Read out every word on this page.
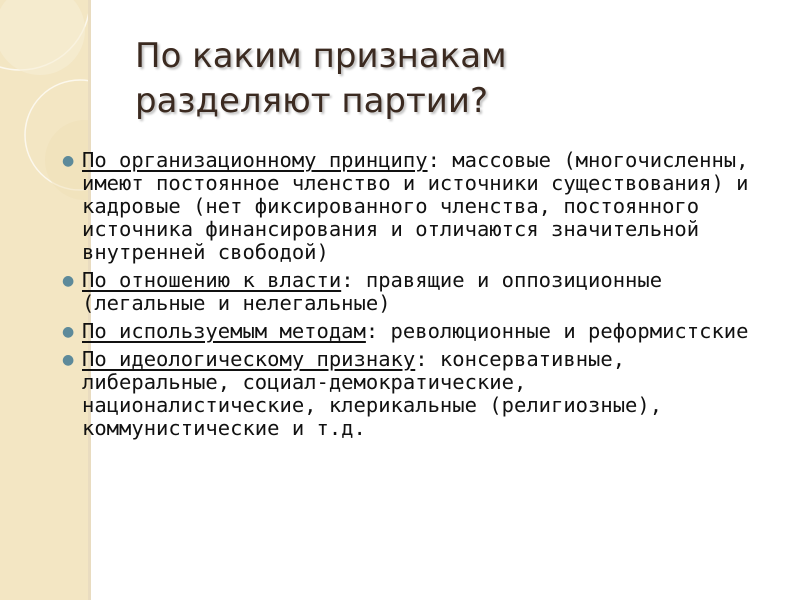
По каким признакам
разделяют партии?
● По организационному принципу: массовые (многочисленны, имеют постоянное членство и источники существования) и кадровые (нет фиксированного членства, постоянного источника финансирования и отличаются значительной внутренней свободой)
● По отношению к власти: правящие и оппозиционные (легальные и нелегальные)
● По используемым методам: революционные и реформистские
● По идеологическому признаку: консервативные, либеральные, социал-демократические, националистические, клерикальные (религиозные), коммунистические и т.д.
